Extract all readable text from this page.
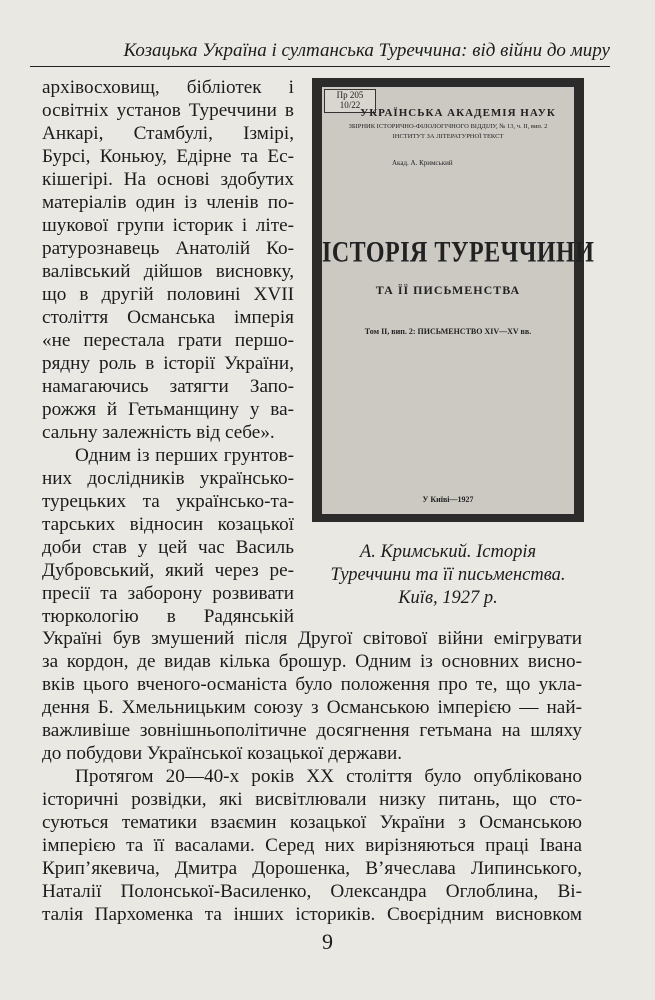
Козацька Україна і султанська Туреччина: від війни до миру
архівосховищ, бібліотек і
освітніх установ Туреччини в
Анкарі, Стамбулі, Ізмірі,
Бурсі, Коньюу, Едірне та Ес-
кішегірі. На основі здобутих
матеріалів один із членів по-
шукової групи історик і літе-
ратурознавець Анатолій Ко-
валівський дійшов висновку,
що в другій половині XVII
століття Османська імперія
«не перестала грати першо-
рядну роль в історії України,
намагаючись затягти Запо-
рожжя й Гетьманщину у ва-
сальну залежність від себе».
Одним із перших грунтов-
них дослідників українсько-
турецьких та українсько-та-
тарських відносин козацької
доби став у цей час Василь
Дубровський, який через ре-
пресії та заборону розвивати
тюркологію в Радянській
Пр 205
10/22
УКРАЇНСЬКА АКАДЕМІЯ НАУК
ЗБІРНИК ІСТОРИЧНО-ФІЛОЛОГІЧНОГО ВІДДІЛУ, № 13, ч. II, вип. 2
ІНСТИТУТ ЗА ЛІТЕРАТУРНОЇ ТЕКСТ
Акад. А. Кримський
ІСТОРІЯ ТУРЕЧЧИНИ
ТА ЇЇ ПИСЬМЕНСТВА
Том II, вип. 2: ПИСЬМЕНСТВО XIV—XV вв.
У Київі—1927
А. Кримський. Історія
Туреччини та її письменства.
Київ, 1927 р.
Україні був змушений після Другої світової війни емігрувати
за кордон, де видав кілька брошур. Одним із основних висно-
вків цього вченого-османіста було положення про те, що укла-
дення Б. Хмельницьким союзу з Османською імперією — най-
важливіше зовнішньополітичне досягнення гетьмана на шляху
до побудови Української козацької держави.
Протягом 20—40-х років XX століття було опубліковано
історичні розвідки, які висвітлювали низку питань, що сто-
суються тематики взаємин козацької України з Османською
імперією та її васалами. Серед них вирізняються праці Івана
Крип’якевича, Дмитра Дорошенка, В’ячеслава Липинського,
Наталії Полонської-Василенко, Олександра Оглоблина, Ві-
талія Пархоменка та інших істориків. Своєрідним висновком
9
